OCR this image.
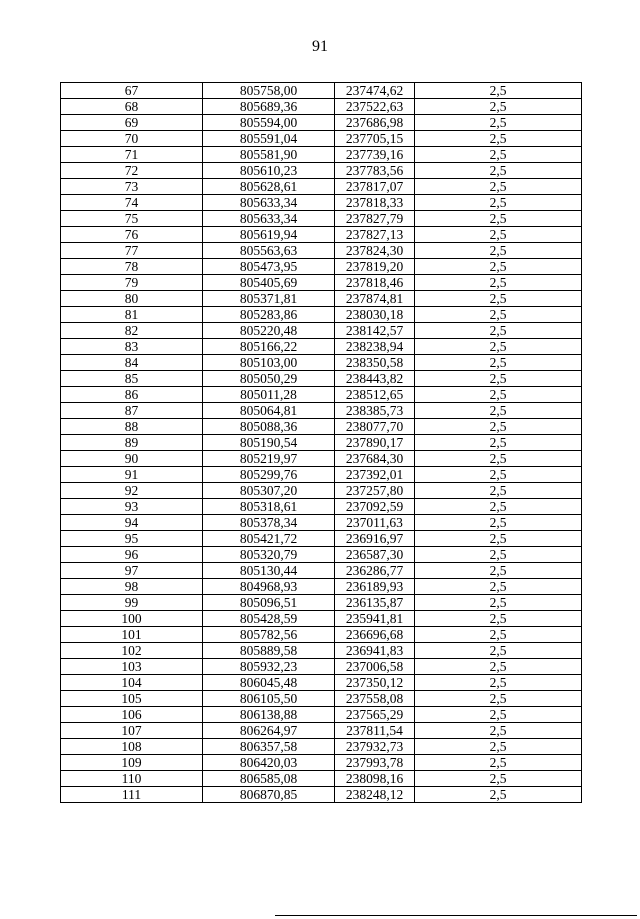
91
67	805758,00	237474,62	2,5
68	805689,36	237522,63	2,5
69	805594,00	237686,98	2,5
70	805591,04	237705,15	2,5
71	805581,90	237739,16	2,5
72	805610,23	237783,56	2,5
73	805628,61	237817,07	2,5
74	805633,34	237818,33	2,5
75	805633,34	237827,79	2,5
76	805619,94	237827,13	2,5
77	805563,63	237824,30	2,5
78	805473,95	237819,20	2,5
79	805405,69	237818,46	2,5
80	805371,81	237874,81	2,5
81	805283,86	238030,18	2,5
82	805220,48	238142,57	2,5
83	805166,22	238238,94	2,5
84	805103,00	238350,58	2,5
85	805050,29	238443,82	2,5
86	805011,28	238512,65	2,5
87	805064,81	238385,73	2,5
88	805088,36	238077,70	2,5
89	805190,54	237890,17	2,5
90	805219,97	237684,30	2,5
91	805299,76	237392,01	2,5
92	805307,20	237257,80	2,5
93	805318,61	237092,59	2,5
94	805378,34	237011,63	2,5
95	805421,72	236916,97	2,5
96	805320,79	236587,30	2,5
97	805130,44	236286,77	2,5
98	804968,93	236189,93	2,5
99	805096,51	236135,87	2,5
100	805428,59	235941,81	2,5
101	805782,56	236696,68	2,5
102	805889,58	236941,83	2,5
103	805932,23	237006,58	2,5
104	806045,48	237350,12	2,5
105	806105,50	237558,08	2,5
106	806138,88	237565,29	2,5
107	806264,97	237811,54	2,5
108	806357,58	237932,73	2,5
109	806420,03	237993,78	2,5
110	806585,08	238098,16	2,5
111	806870,85	238248,12	2,5
